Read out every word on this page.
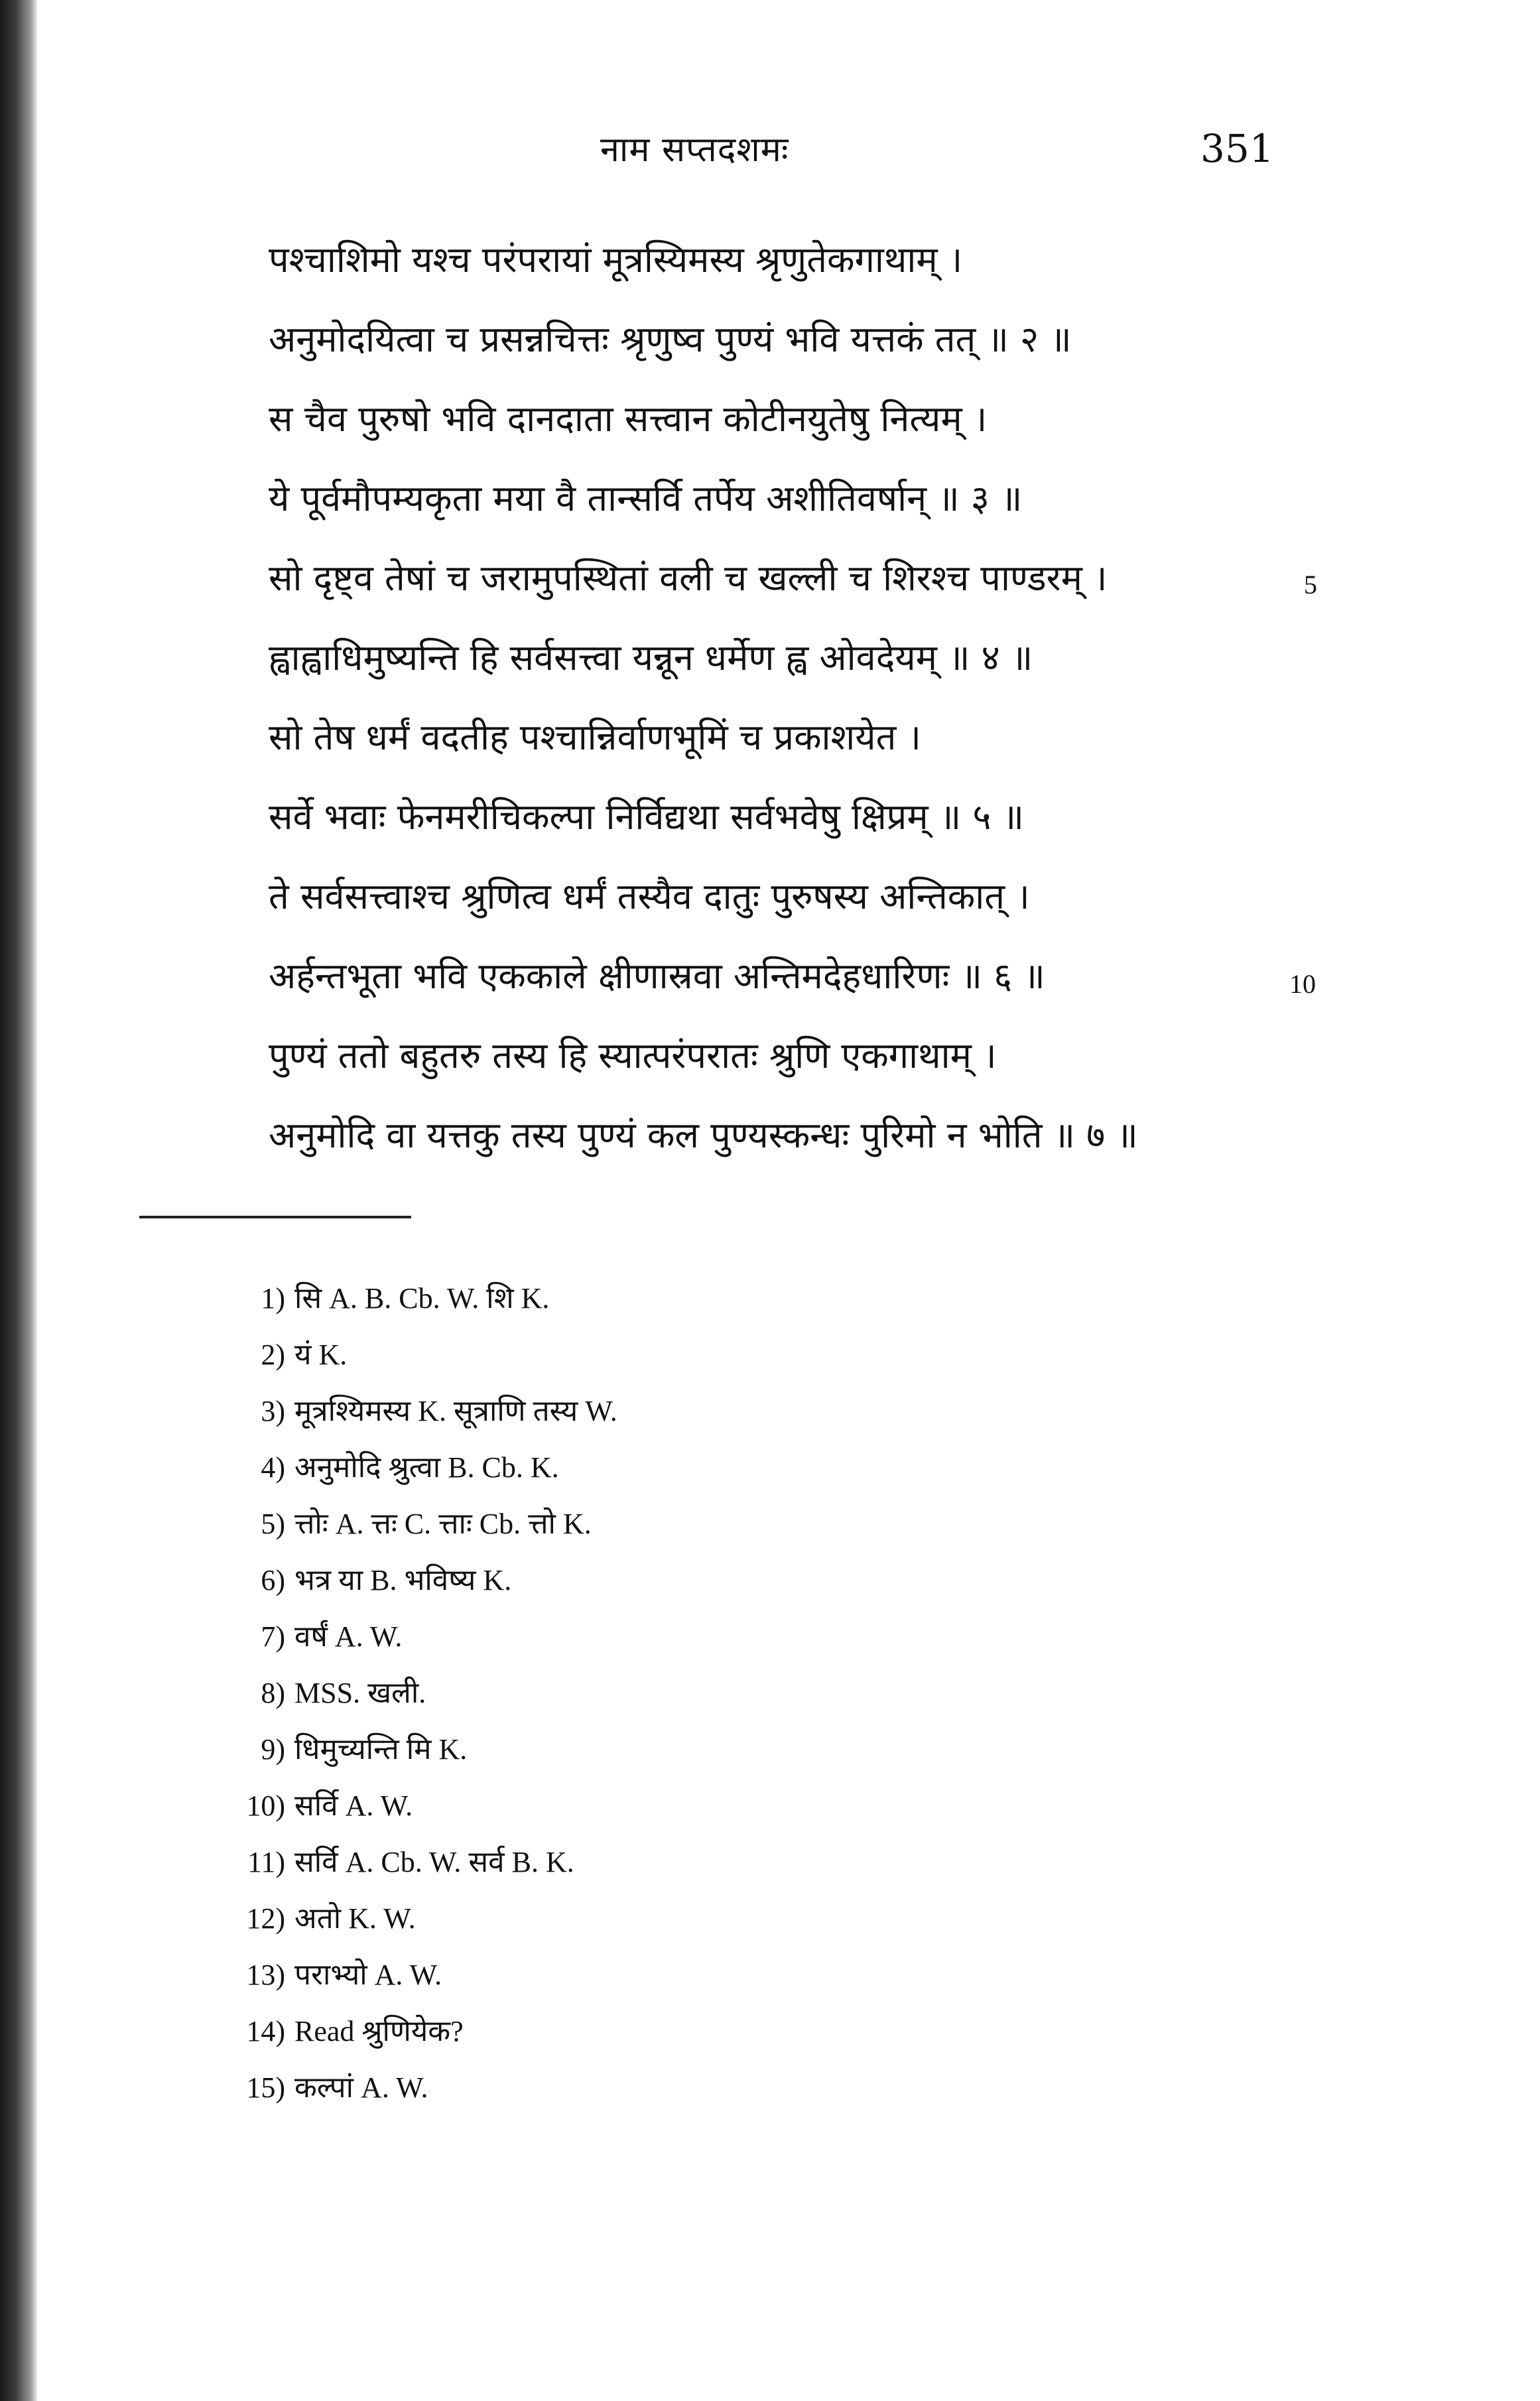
नाम सप्तदशमः	351
पश्चाशिमो यश्च परंपरायां मूत्रस्यिमस्य श्रृणुतेकगाथाम् ।
अनुमोदयित्वा च प्रसन्नचित्तः श्रृणुष्व पुण्यं भवि यत्तकं तत् ॥ २ ॥
स चैव पुरुषो भवि दानदाता सत्त्वान कोटीनयुतेषु नित्यम् ।
ये पूर्वमौपम्यकृता मया वै तान्सर्वि तर्पेय अशीतिवर्षान् ॥ ३ ॥
सो दृष्ट्व तेषां च जरामुपस्थितां वली च खल्ली च शिरश्च पाण्डरम् ।
ह्वाह्वाधिमुष्यन्ति हि सर्वसत्त्वा यन्नून धर्मेण ह्व ओवदेयम् ॥ ४ ॥
सो तेष धर्मं वदतीह पश्चान्निर्वाणभूमिं च प्रकाशयेत ।
सर्वे भवाः फेनमरीचिकल्पा निर्विद्यथा सर्वभवेषु क्षिप्रम् ॥ ५ ॥
ते सर्वसत्त्वाश्च श्रुणित्व धर्मं तस्यैव दातुः पुरुषस्य अन्तिकात् ।
अर्हन्तभूता भवि एककाले क्षीणास्रवा अन्तिमदेहधारिणः ॥ ६ ॥
पुण्यं ततो बहुतरु तस्य हि स्यात्परंपरातः श्रुणि एकगाथाम् ।
अनुमोदि वा यत्तकु तस्य पुण्यं कल पुण्यस्कन्धः पुरिमो न भोति ॥ ७ ॥
5
10
1) सि A. B. Cb. W. शि K.
2) यं K.
3) मूत्रश्यिमस्य K. सूत्राणि तस्य W.
4) अनुमोदि श्रुत्वा B. Cb. K.
5) त्तोः A. त्तः C. त्ताः Cb. त्तो K.
6) भत्र या B. भविष्य K.
7) वर्षं A. W.
8) MSS. खली.
9) धिमुच्यन्ति मि K.
10) सर्वि A. W.
11) सर्वि A. Cb. W. सर्व B. K.
12) अतो K. W.
13) पराभ्यो A. W.
14) Read श्रुणियेक?
15) कल्पां A. W.
